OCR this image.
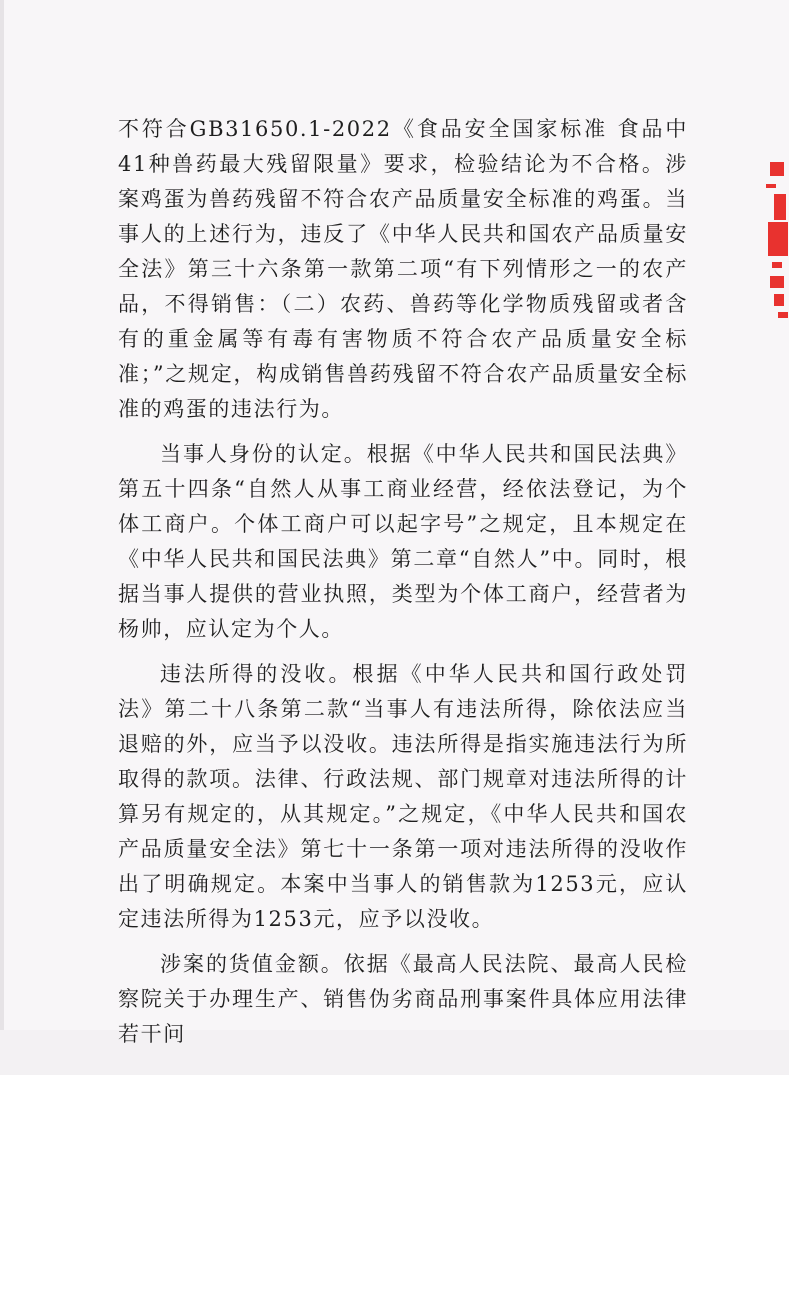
不符合GB31650.1-2022《食品安全国家标准 食品中41种兽药最大残留限量》要求，检验结论为不合格。涉案鸡蛋为兽药残留不符合农产品质量安全标准的鸡蛋。当事人的上述行为，违反了《中华人民共和国农产品质量安全法》第三十六条第一款第二项“有下列情形之一的农产品，不得销售：（二）农药、兽药等化学物质残留或者含有的重金属等有毒有害物质不符合农产品质量安全标准；”之规定，构成销售兽药残留不符合农产品质量安全标准的鸡蛋的违法行为。

当事人身份的认定。根据《中华人民共和国民法典》第五十四条“自然人从事工商业经营，经依法登记，为个体工商户。个体工商户可以起字号”之规定，且本规定在《中华人民共和国民法典》第二章“自然人”中。同时，根据当事人提供的营业执照，类型为个体工商户，经营者为杨帅，应认定为个人。

违法所得的没收。根据《中华人民共和国行政处罚法》第二十八条第二款“当事人有违法所得，除依法应当退赔的外，应当予以没收。违法所得是指实施违法行为所取得的款项。法律、行政法规、部门规章对违法所得的计算另有规定的，从其规定。”之规定，《中华人民共和国农产品质量安全法》第七十一条第一项对违法所得的没收作出了明确规定。本案中当事人的销售款为1253元，应认定违法所得为1253元，应予以没收。

涉案的货值金额。依据《最高人民法院、最高人民检察院关于办理生产、销售伪劣商品刑事案件具体应用法律若干问
